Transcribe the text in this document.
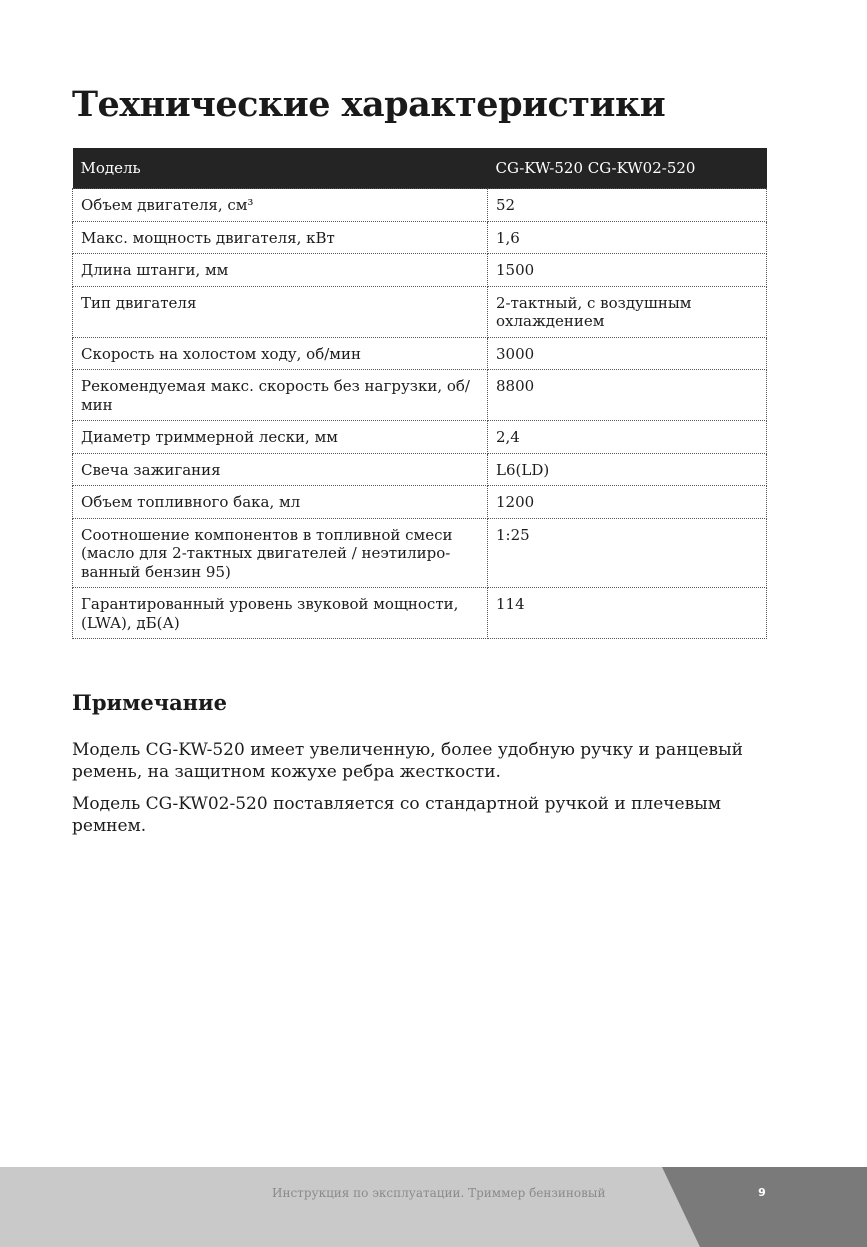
Технические характеристики
Модель	CG-KW-520 CG-KW02-520
Объем двигателя, см³	52
Макс. мощность двигателя, кВт	1,6
Длина штанги, мм	1500
Тип двигателя	2-тактный, с воздушным охлаждением
Скорость на холостом ходу, об/мин	3000
Рекомендуемая макс. скорость без нагрузки, об/мин	8800
Диаметр триммерной лески, мм	2,4
Свеча зажигания	L6(LD)
Объем топливного бака, мл	1200
Соотношение компонентов в топливной смеси (масло для 2-тактных двигателей / неэтилиро-ванный бензин 95)	1:25
Гарантированный уровень звуковой мощности, (LWA), дБ(А)	114
Примечание

Модель CG-KW-520 имеет увеличенную, более удобную ручку и ранцевый ремень, на защитном кожухе ребра жесткости.

Модель CG-KW02-520 поставляется со стандартной ручкой и плечевым ремнем.

Инструкция по эксплуатации. Триммер бензиновый	9
